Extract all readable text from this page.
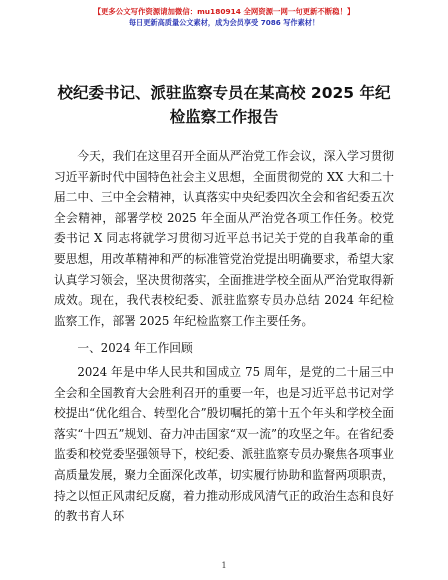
【更多公文写作资源请加微信：mu180914 全网资源一网一句更新不断稳！】
每日更新高质量公文素材，成为会员享受 7086 写作素材！
校纪委书记、派驻监察专员在某高校 2025 年纪检监察工作报告

今天，我们在这里召开全面从严治党工作会议，深入学习贯彻习近平新时代中国特色社会主义思想，全面贯彻党的 XX 大和二十届二中、三中全会精神，认真落实中央纪委四次全会和省纪委五次全会精神，部署学校 2025 年全面从严治党各项工作任务。校党委书记 X 同志将就学习贯彻习近平总书记关于党的自我革命的重要思想，用改革精神和严的标准管党治党提出明确要求，希望大家认真学习领会，坚决贯彻落实，全面推进学校全面从严治党取得新成效。现在，我代表校纪委、派驻监察专员办总结 2024 年纪检监察工作，部署 2025 年纪检监察工作主要任务。

一、2024 年工作回顾

2024 年是中华人民共和国成立 75 周年，是党的二十届三中全会和全国教育大会胜利召开的重要一年，也是习近平总书记对学校提出“优化组合、转型化合”殷切嘱托的第十五个年头和学校全面落实“十四五”规划、奋力冲击国家“双一流”的攻坚之年。在省纪委监委和校党委坚强领导下，校纪委、派驻监察专员办聚焦各项事业高质量发展，聚力全面深化改革，切实履行协助和监督两项职责，持之以恒正风肃纪反腐，着力推动形成风清气正的政治生态和良好的教书育人环

1
